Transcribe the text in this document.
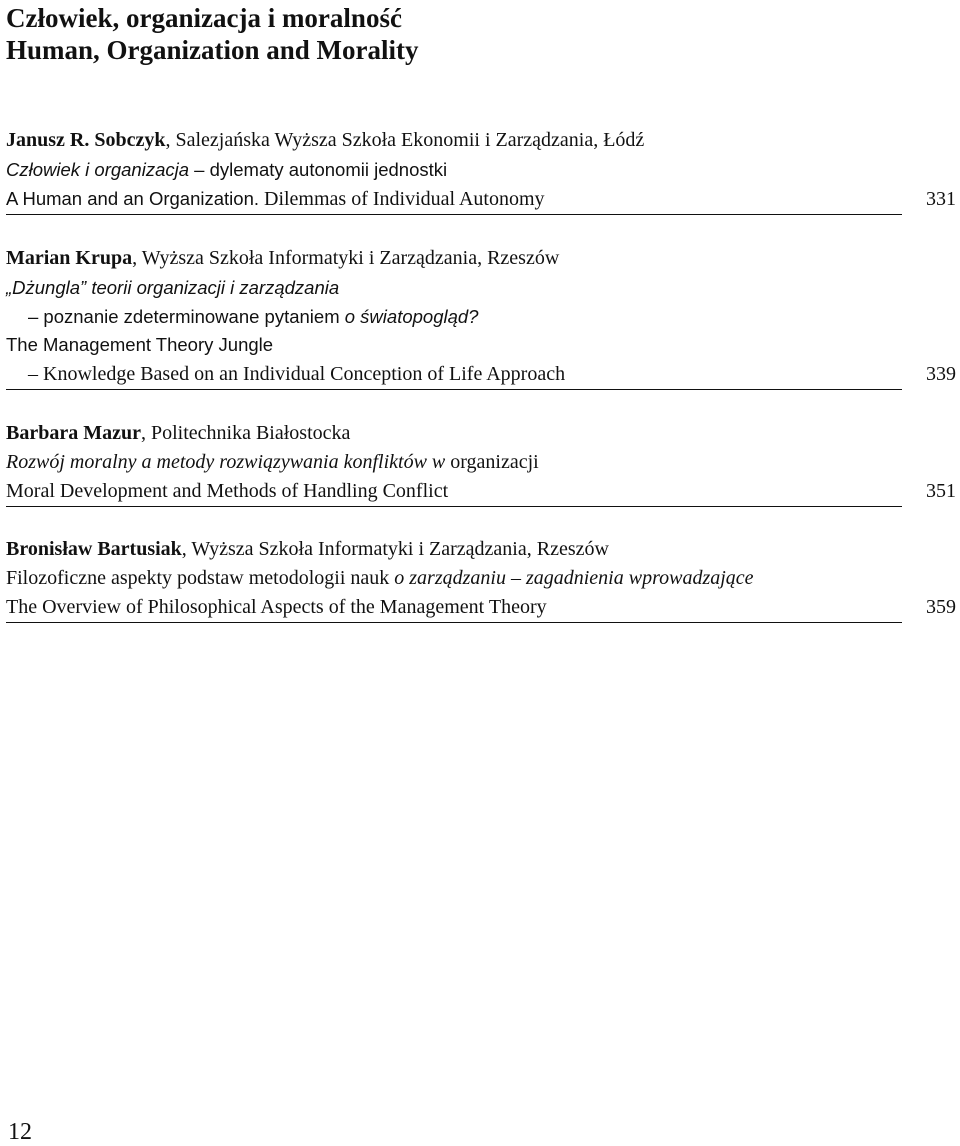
Człowiek, organizacja i moralność
Human, Organization and Morality
Janusz R. Sobczyk, Salezjańska Wyższa Szkoła Ekonomii i Zarządzania, Łódź
Człowiek i organizacja – dylematy autonomii jednostki
A Human and an Organization. Dilemmas of Individual Autonomy	331
Marian Krupa, Wyższa Szkoła Informatyki i Zarządzania, Rzeszów
„Dżungla” teorii organizacji i zarządzania
– poznanie zdeterminowane pytaniem o światopogląd?
The Management Theory Jungle
– Knowledge Based on an Individual Conception of Life Approach	339
Barbara Mazur, Politechnika Białostocka
Rozwój moralny a metody rozwiązywania konfliktów w organizacji
Moral Development and Methods of Handling Conflict	351
Bronisław Bartusiak, Wyższa Szkoła Informatyki i Zarządzania, Rzeszów
Filozoficzne aspekty podstaw metodologii nauk o zarządzaniu – zagadnienia wprowadzające
The Overview of Philosophical Aspects of the Management Theory	359
12
